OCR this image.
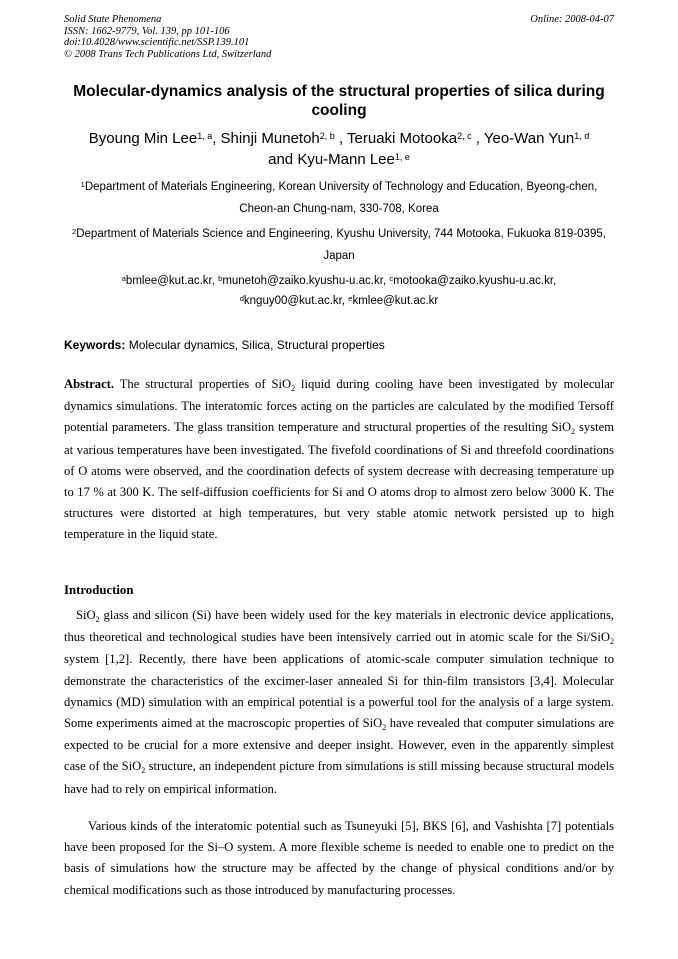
Solid State Phenomena
ISSN: 1662-9779, Vol. 139, pp 101-106
doi:10.4028/www.scientific.net/SSP.139.101
© 2008 Trans Tech Publications Ltd, Switzerland
Online: 2008-04-07
Molecular-dynamics analysis of the structural properties of silica during cooling
Byoung Min Lee$^{1, a}$, Shinji Munetoh$^{2, b}$ , Teruaki Motooka$^{2, c}$ , Yeo-Wan Yun$^{1, d}$
and Kyu-Mann Lee$^{1, e}$
$^1$Department of Materials Engineering, Korean University of Technology and Education, Byeong-chen, Cheon-an Chung-nam, 330-708, Korea
$^2$Department of Materials Science and Engineering, Kyushu University, 744 Motooka, Fukuoka 819-0395, Japan
$^a$bmlee@kut.ac.kr, $^b$munetoh@zaiko.kyushu-u.ac.kr, $^c$motooka@zaiko.kyushu-u.ac.kr,
$^d$knguy00@kut.ac.kr, $^e$kmlee@kut.ac.kr
Keywords: Molecular dynamics, Silica, Structural properties
Abstract. The structural properties of SiO$_2$ liquid during cooling have been investigated by molecular dynamics simulations. The interatomic forces acting on the particles are calculated by the modified Tersoff potential parameters. The glass transition temperature and structural properties of the resulting SiO$_2$ system at various temperatures have been investigated. The fivefold coordinations of Si and threefold coordinations of O atoms were observed, and the coordination defects of system decrease with decreasing temperature up to 17 % at 300 K. The self-diffusion coefficients for Si and O atoms drop to almost zero below 3000 K. The structures were distorted at high temperatures, but very stable atomic network persisted up to high temperature in the liquid state.
Introduction
SiO$_2$ glass and silicon (Si) have been widely used for the key materials in electronic device applications, thus theoretical and technological studies have been intensively carried out in atomic scale for the Si/SiO$_2$ system [1,2]. Recently, there have been applications of atomic-scale computer simulation technique to demonstrate the characteristics of the excimer-laser annealed Si for thin-film transistors [3,4]. Molecular dynamics (MD) simulation with an empirical potential is a powerful tool for the analysis of a large system. Some experiments aimed at the macroscopic properties of SiO$_2$ have revealed that computer simulations are expected to be crucial for a more extensive and deeper insight. However, even in the apparently simplest case of the SiO$_2$ structure, an independent picture from simulations is still missing because structural models have had to rely on empirical information.
Various kinds of the interatomic potential such as Tsuneyuki [5], BKS [6], and Vashishta [7] potentials have been proposed for the Si–O system. A more flexible scheme is needed to enable one to predict on the basis of simulations how the structure may be affected by the change of physical conditions and/or by chemical modifications such as those introduced by manufacturing processes.
